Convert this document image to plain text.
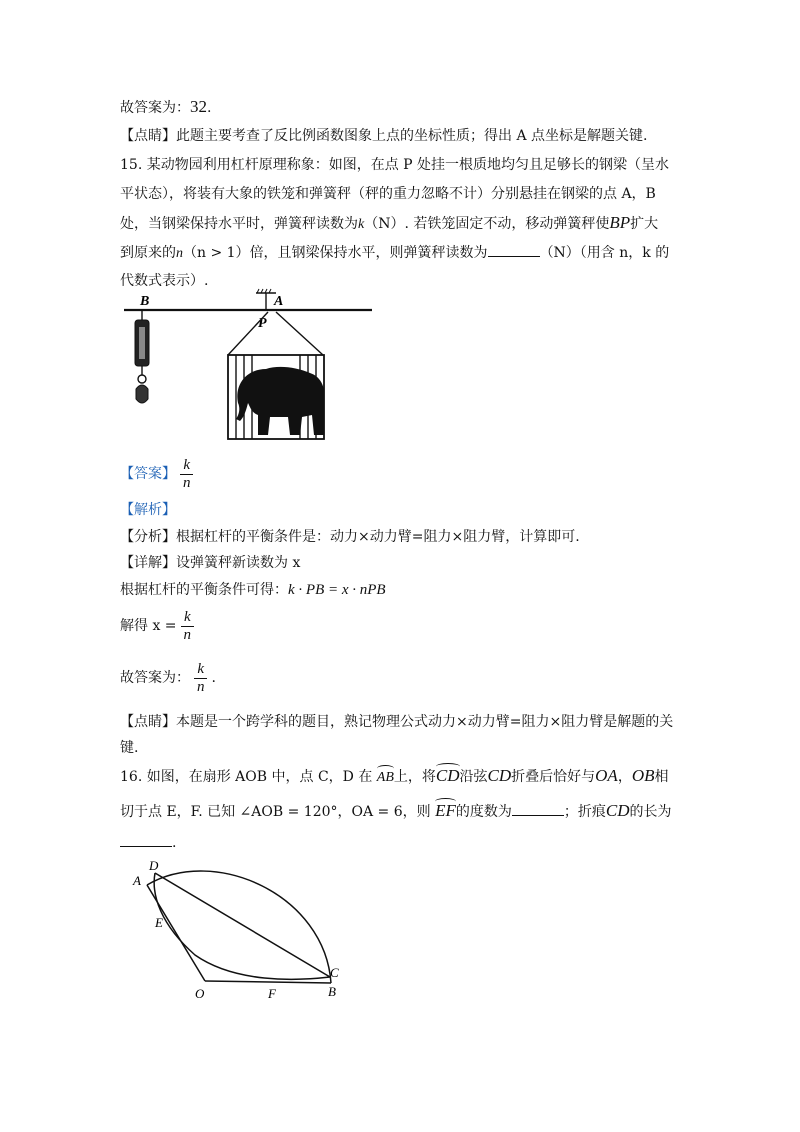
故答案为：32.
【点睛】此题主要考查了反比例函数图象上点的坐标性质；得出 A 点坐标是解题关键.
15. 某动物园利用杠杆原理称象：如图，在点 P 处挂一根质地均匀且足够长的钢梁（呈水
平状态），将装有大象的铁笼和弹簧秤（秤的重力忽略不计）分别悬挂在钢梁的点 A，B
处，当钢梁保持水平时，弹簧秤读数为k（N）. 若铁笼固定不动，移动弹簧秤使BP扩大
到原来的n（n > 1）倍，且钢梁保持水平，则弹簧秤读数为	（N）（用含 n，k 的
代数式表示）.
A
B
P
【答案】 $\frac{k}{n}$
【解析】
【分析】根据杠杆的平衡条件是：动力×动力臂=阻力×阻力臂，计算即可.
【详解】设弹簧秤新读数为 x
根据杠杆的平衡条件可得：k · PB = x · nPB
解得 $x = \frac{k}{n}$
故答案为： $\frac{k}{n}$ .
【点睛】本题是一个跨学科的题目，熟记物理公式动力×动力臂=阻力×阻力臂是解题的关
键.
16. 如图，在扇形 AOB 中，点 C，D 在 AB上，将CD沿弦CD折叠后恰好与OA，OB相
切于点 E，F. 已知 ∠AOB = 120°，OA = 6，则 EF的度数为	；折痕CD的长为
.
D
A
E
O	F	B
C
